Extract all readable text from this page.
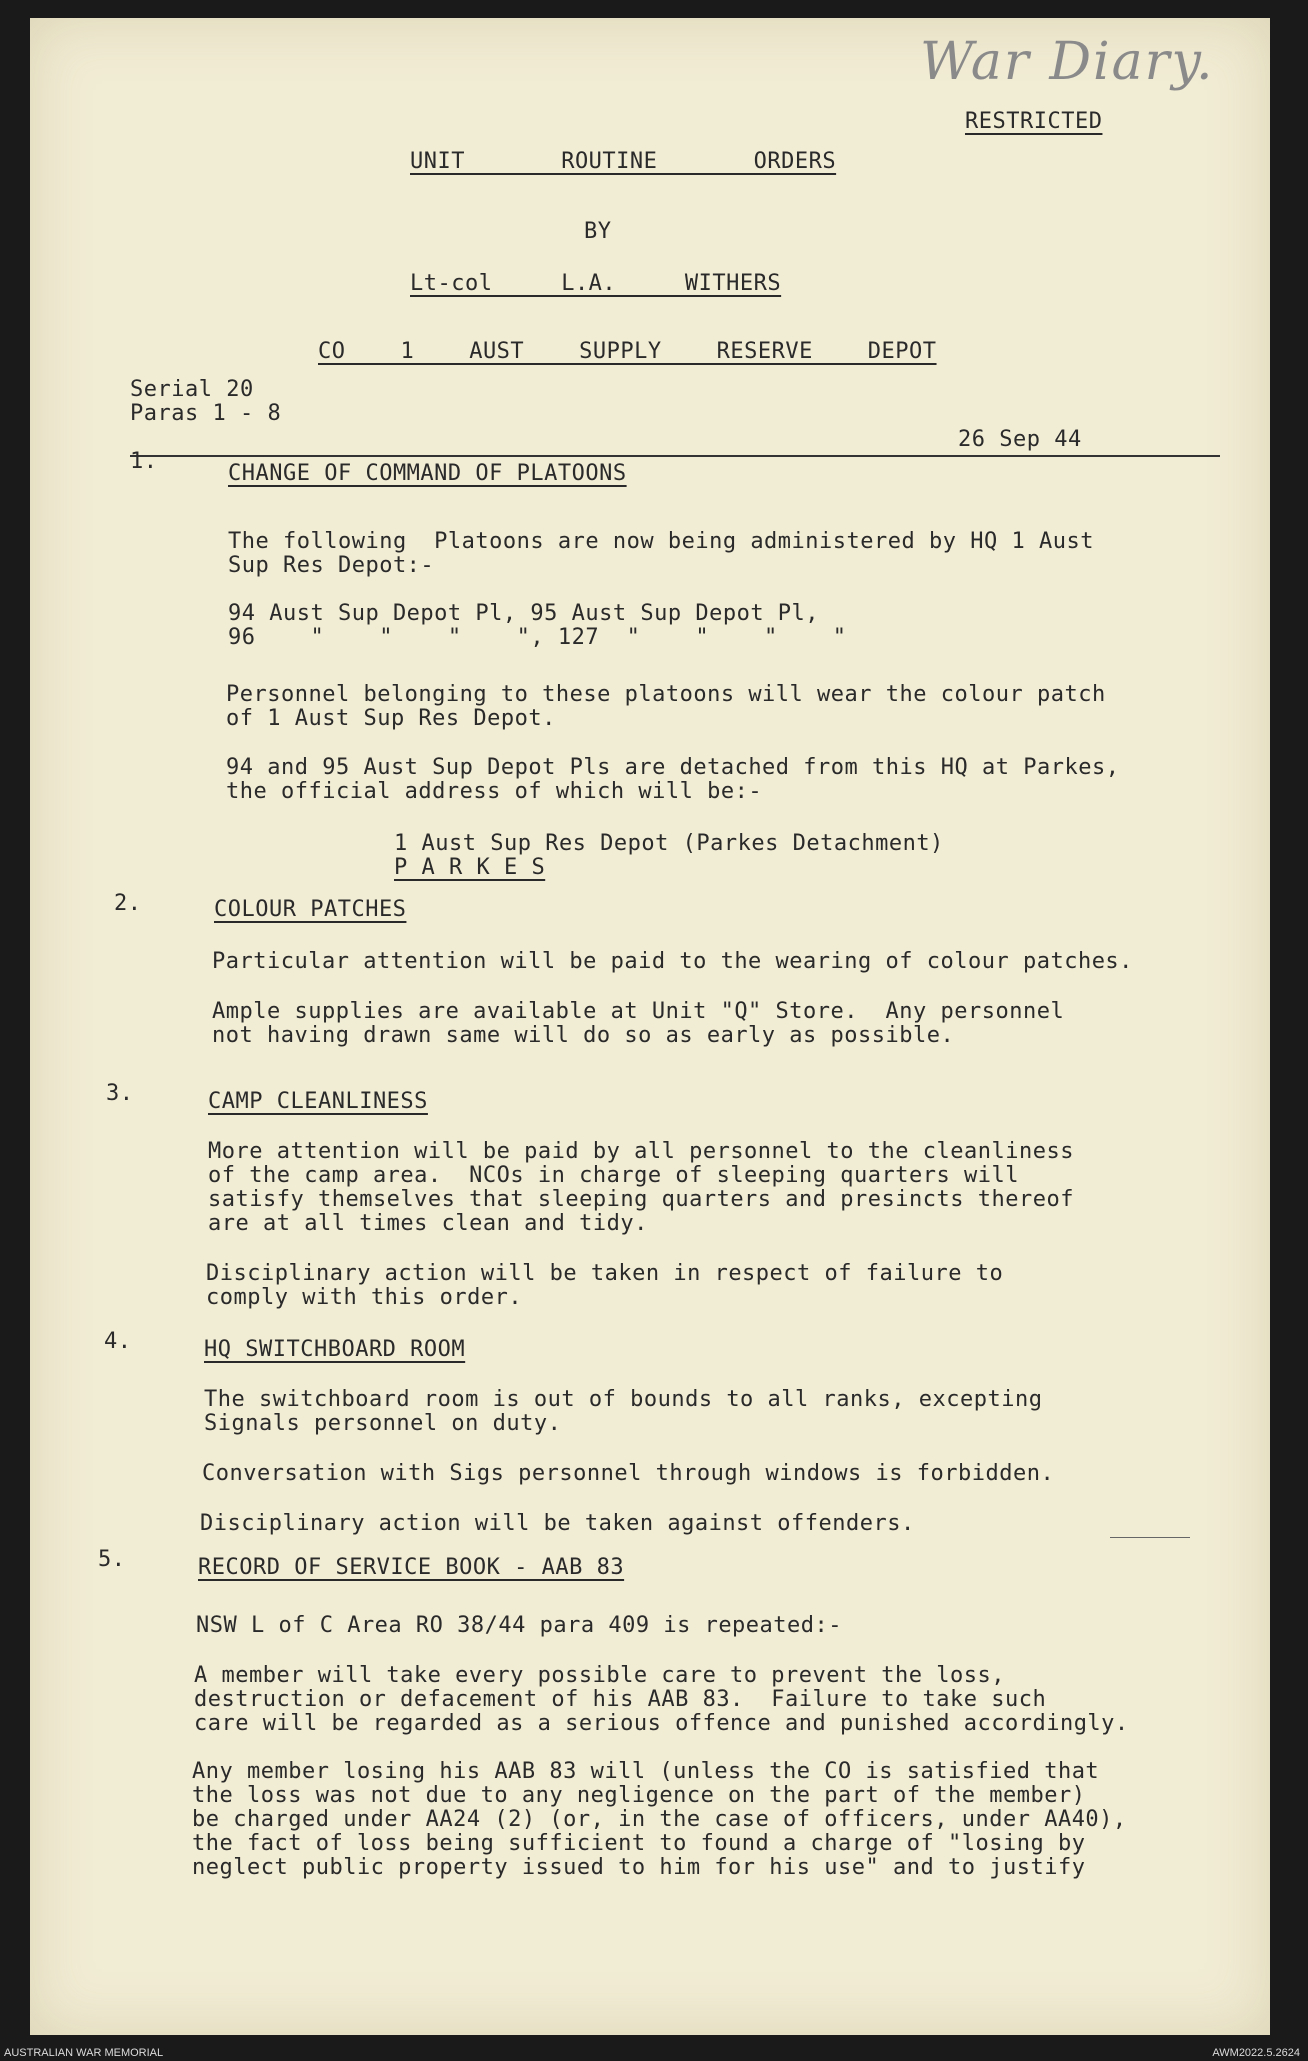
War Diary.
RESTRICTED
UNIT       ROUTINE       ORDERS
BY
Lt-col     L.A.     WITHERS
CO    1    AUST    SUPPLY    RESERVE    DEPOT
Serial 20
Paras 1 - 8
26 Sep 44
1.	CHANGE OF COMMAND OF PLATOONS
The following  Platoons are now being administered by HQ 1 Aust
Sup Res Depot:-
94 Aust Sup Depot Pl, 95 Aust Sup Depot Pl,
96    "    "    "    ", 127  "    "    "    "
Personnel belonging to these platoons will wear the colour patch
of 1 Aust Sup Res Depot.
94 and 95 Aust Sup Depot Pls are detached from this HQ at Parkes,
the official address of which will be:-
1 Aust Sup Res Depot (Parkes Detachment)
P A R K E S
2.	COLOUR PATCHES
Particular attention will be paid to the wearing of colour patches.
Ample supplies are available at Unit "Q" Store.  Any personnel
not having drawn same will do so as early as possible.
3.	CAMP CLEANLINESS
More attention will be paid by all personnel to the cleanliness
of the camp area.  NCOs in charge of sleeping quarters will
satisfy themselves that sleeping quarters and presincts thereof
are at all times clean and tidy.
Disciplinary action will be taken in respect of failure to
comply with this order.
4.	HQ SWITCHBOARD ROOM
The switchboard room is out of bounds to all ranks, excepting
Signals personnel on duty.
Conversation with Sigs personnel through windows is forbidden.
Disciplinary action will be taken against offenders.
5.	RECORD OF SERVICE BOOK - AAB 83
NSW L of C Area RO 38/44 para 409 is repeated:-
A member will take every possible care to prevent the loss,
destruction or defacement of his AAB 83.  Failure to take such
care will be regarded as a serious offence and punished accordingly.
Any member losing his AAB 83 will (unless the CO is satisfied that
the loss was not due to any negligence on the part of the member)
be charged under AA24 (2) (or, in the case of officers, under AA40),
the fact of loss being sufficient to found a charge of "losing by
neglect public property issued to him for his use" and to justify
AUSTRALIAN WAR MEMORIAL	AWM2022.5.2624
